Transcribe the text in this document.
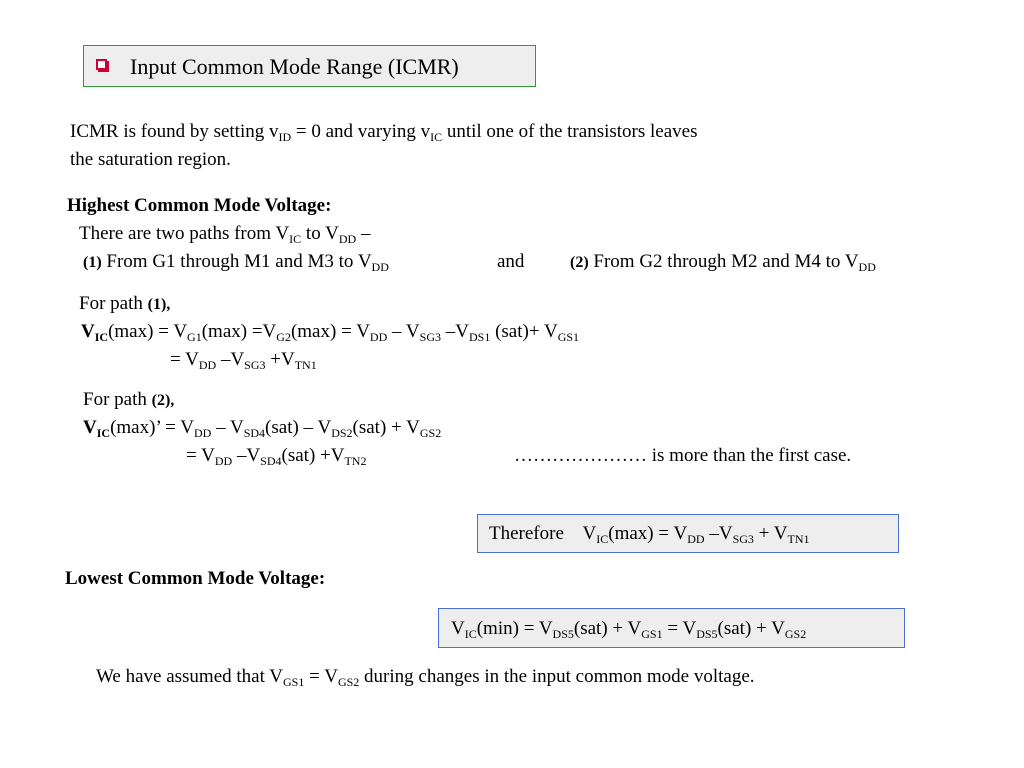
Input Common Mode Range (ICMR)
ICMR is found by setting $v_{ID} = 0$ and varying $v_{IC}$ until one of the transistors leaves
the saturation region.
Highest Common Mode Voltage:
There are two paths from $V_{IC}$ to $V_{DD}$ –
(1) From G1 through M1 and M3 to $V_{DD}$	and	(2) From G2 through M2 and M4 to $V_{DD}$
For path (1),
$V_{IC}(\max) = V_{G1}(\max) =V_{G2}(\max) = V_{DD} - V_{SG3}$ $-V_{DS1}$ $(sat)+ V_{GS1}$
= $V_{DD}$ $-V_{SG3} +V_{TN1}$
For path (2),
$V_{IC}(\max)$’ = $V_{DD} - V_{SD4}(sat) - V_{DS2}(sat) + V_{GS2}$
= $V_{DD}$ $-V_{SD4}(sat) +V_{TN2}$	………………… is more than the first case.
Therefore    $V_{IC}(\max) = V_{DD}$ $-V_{SG3} + V_{TN1}$
Lowest Common Mode Voltage:
$V_{IC}(\min) = V_{DS5}(sat) + V_{GS1} = V_{DS5}(sat) + V_{GS2}$
We have assumed that $V_{GS1} = V_{GS2}$ during changes in the input common mode voltage.
